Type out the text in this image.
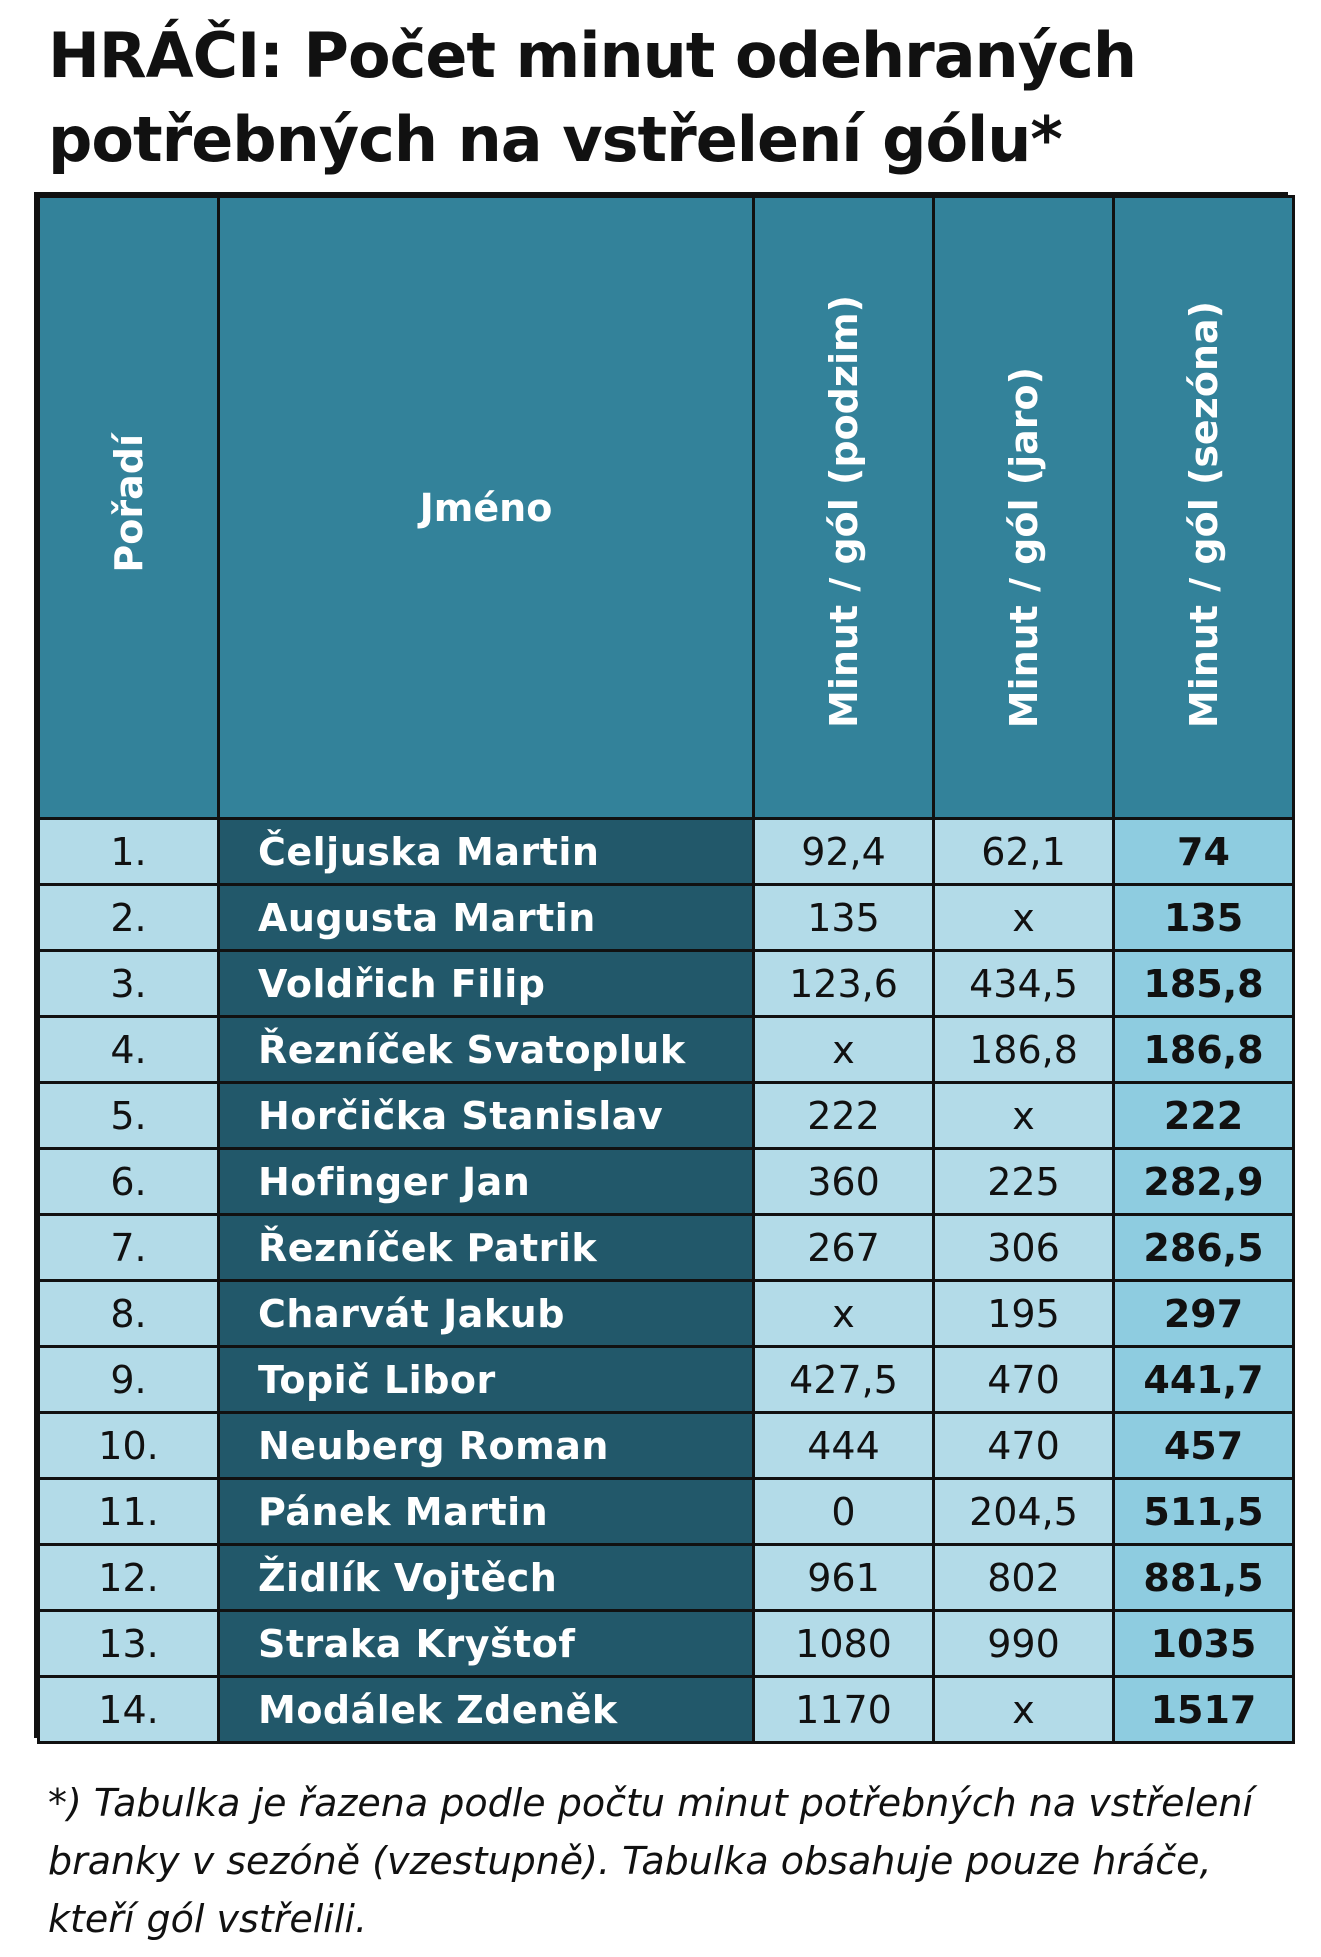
HRÁČI: Počet minut odehraných
potřebných na vstřelení gólu*
Pořadí	Jméno	Minut / gól (podzim)	Minut / gól (jaro)	Minut / gól (sezóna)
1.	Čeljuska Martin	92,4	62,1	74
2.	Augusta Martin	135	x	135
3.	Voldřich Filip	123,6	434,5	185,8
4.	Řezníček Svatopluk	x	186,8	186,8
5.	Horčička Stanislav	222	x	222
6.	Hofinger Jan	360	225	282,9
7.	Řezníček Patrik	267	306	286,5
8.	Charvát Jakub	x	195	297
9.	Topič Libor	427,5	470	441,7
10.	Neuberg Roman	444	470	457
11.	Pánek Martin	0	204,5	511,5
12.	Židlík Vojtěch	961	802	881,5
13.	Straka Kryštof	1080	990	1035
14.	Modálek Zdeněk	1170	x	1517

*) Tabulka je řazena podle počtu minut potřebných na vstřelení branky v sezóně (vzestupně). Tabulka obsahuje pouze hráče, kteří gól vstřelili.
